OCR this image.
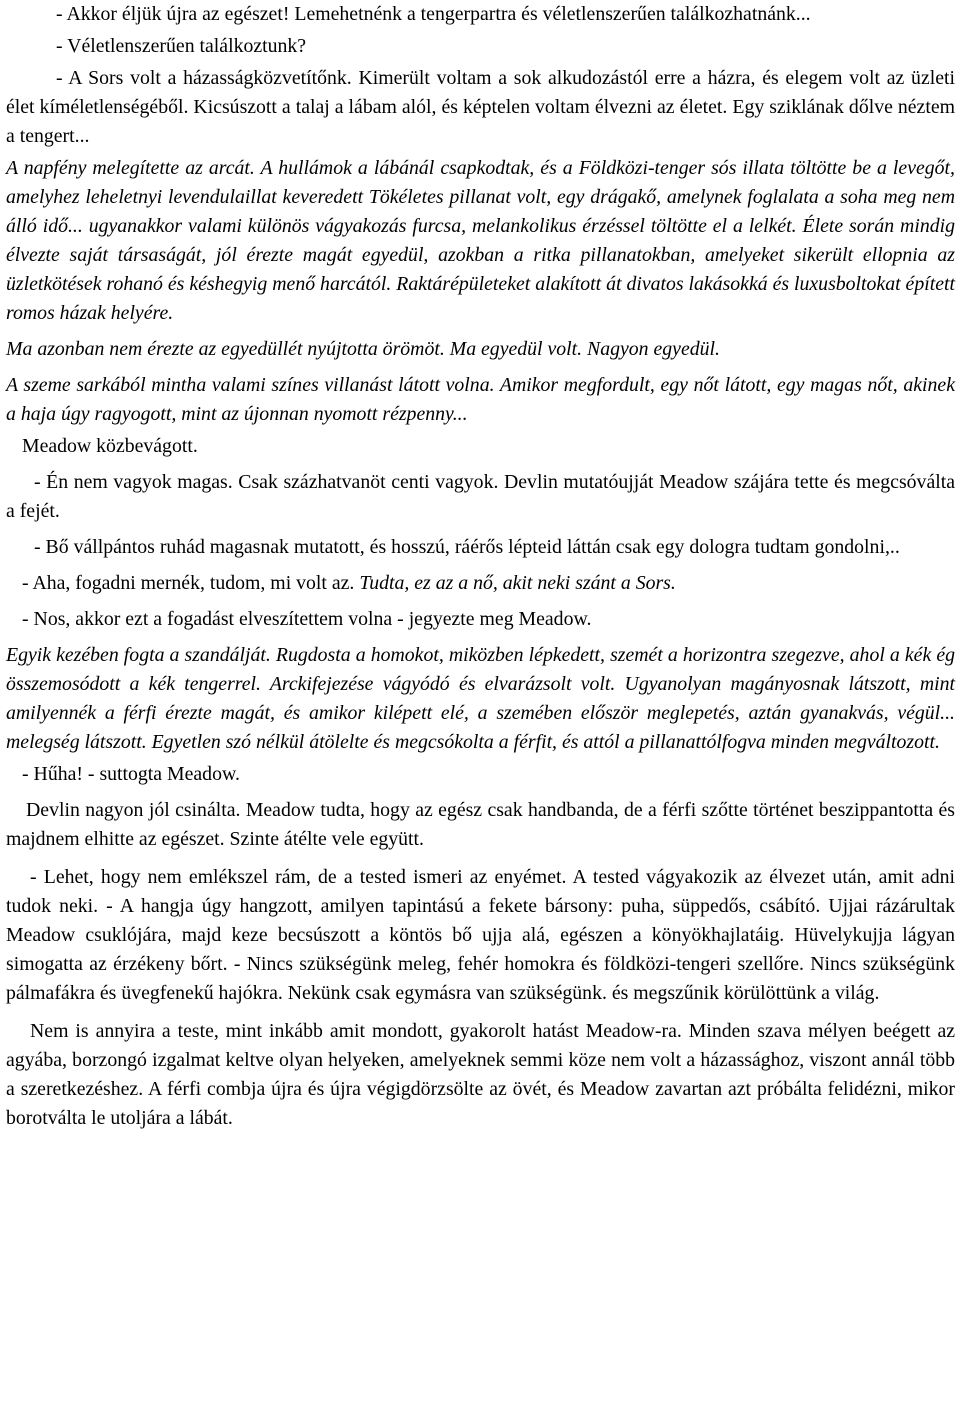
- Akkor éljük újra az egészet! Lemehetnénk a tengerpartra és véletlenszerűen találkozhatnánk...

- Véletlenszerűen találkoztunk?

- A Sors volt a házasságközvetítőnk. Kimerült voltam a sok alkudozástól erre a házra, és elegem volt az üzleti élet kíméletlenségéből. Kicsúszott a talaj a lábam alól, és képtelen voltam élvezni az életet. Egy sziklának dőlve néztem a tengert...

A napfény melegítette az arcát. A hullámok a lábánál csapkodtak, és a Földközi-tenger sós illata töltötte be a levegőt, amelyhez leheletnyi levendulaillat keveredett Tökéletes pillanat volt, egy drágakő, amelynek foglalata a soha meg nem álló idő... ugyanakkor valami különös vágyakozás furcsa, melankolikus érzéssel töltötte el a lelkét. Élete során mindig élvezte saját társaságát, jól érezte magát egyedül, azokban a ritka pillanatokban, amelyeket sikerült ellopnia az üzletkötések rohanó és késhegyig menő harcától. Raktárépületeket alakított át divatos lakásokká és luxusboltokat épített romos házak helyére.

Ma azonban nem érezte az egyedüllét nyújtotta örömöt. Ma egyedül volt. Nagyon egyedül.

A szeme sarkából mintha valami színes villanást látott volna. Amikor megfordult, egy nőt látott, egy magas nőt, akinek a haja úgy ragyogott, mint az újonnan nyomott rézpenny...

Meadow közbevágott.

- Én nem vagyok magas. Csak százhatvanöt centi vagyok. Devlin mutatóujját Meadow szájára tette és megcsóválta a fejét.

- Bő vállpántos ruhád magasnak mutatott, és hosszú, ráérős lépteid láttán csak egy dologra tudtam gondolni,..

- Aha, fogadni mernék, tudom, mi volt az. Tudta, ez az a nő, akit neki szánt a Sors.

- Nos, akkor ezt a fogadást elveszítettem volna - jegyezte meg Meadow.

Egyik kezében fogta a szandálját. Rugdosta a homokot, miközben lépkedett, szemét a horizontra szegezve, ahol a kék ég összemosódott a kék tengerrel. Arckifejezése vágyódó és elvarázsolt volt. Ugyanolyan magányosnak látszott, mint amilyennék a férfi érezte magát, és amikor kilépett elé, a szemében először meglepetés, aztán gyanakvás, végül... melegség látszott. Egyetlen szó nélkül átölelte és megcsókolta a férfit, és attól a pillanattólfogva minden megváltozott.

- Hűha! - suttogta Meadow.

Devlin nagyon jól csinálta. Meadow tudta, hogy az egész csak handbanda, de a férfi szőtte történet beszippantotta és majdnem elhitte az egészet. Szinte átélte vele együtt.

- Lehet, hogy nem emlékszel rám, de a tested ismeri az enyémet. A tested vágyakozik az élvezet után, amit adni tudok neki. - A hangja úgy hangzott, amilyen tapintású a fekete bársony: puha, süppedős, csábító. Ujjai rázárultak Meadow csuklójára, majd keze becsúszott a köntös bő ujja alá, egészen a könyökhajlatáig. Hüvelykujja lágyan simogatta az érzékeny bőrt. - Nincs szükségünk meleg, fehér homokra és földközi-tengeri szellőre. Nincs szükségünk pálmafákra és üvegfenekű hajókra. Nekünk csak egymásra van szükségünk. és megszűnik körülöttünk a világ.

Nem is annyira a teste, mint inkább amit mondott, gyakorolt hatást Meadow-ra. Minden szava mélyen beégett az agyába, borzongó izgalmat keltve olyan helyeken, amelyeknek semmi köze nem volt a házassághoz, viszont annál több a szeretkezéshez. A férfi combja újra és újra végigdörzsölte az övét, és Meadow zavartan azt próbálta felidézni, mikor borotválta le utoljára a lábát.
